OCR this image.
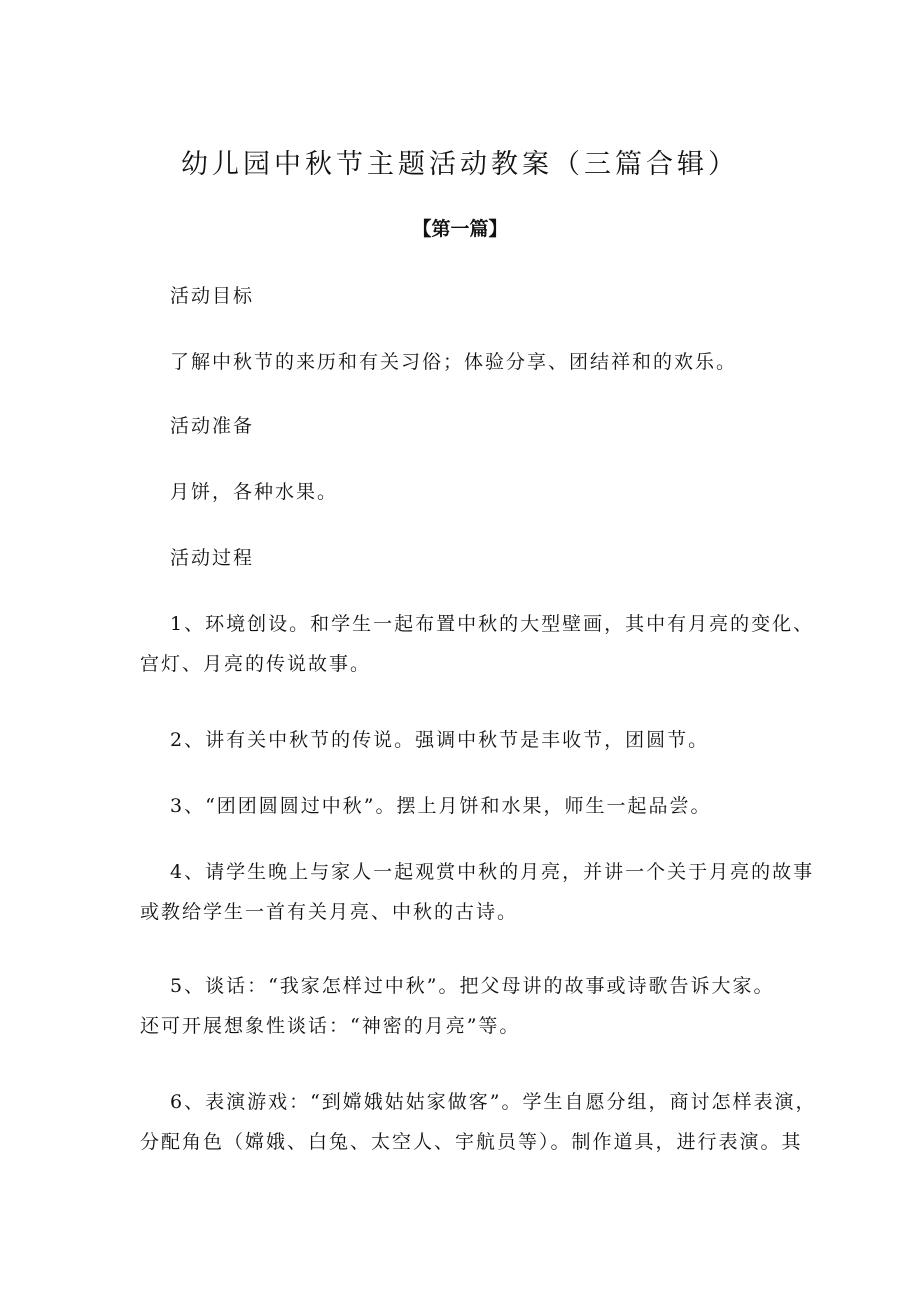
幼儿园中秋节主题活动教案（三篇合辑）
【第一篇】

活动目标

了解中秋节的来历和有关习俗；体验分享、团结祥和的欢乐。

活动准备

月饼，各种水果。

活动过程

1、环境创设。和学生一起布置中秋的大型壁画，其中有月亮的变化、
宫灯、月亮的传说故事。
2、讲有关中秋节的传说。强调中秋节是丰收节，团圆节。
3、“团团圆圆过中秋”。摆上月饼和水果，师生一起品尝。
4、请学生晚上与家人一起观赏中秋的月亮，并讲一个关于月亮的故事
或教给学生一首有关月亮、中秋的古诗。
5、谈话：“我家怎样过中秋”。把父母讲的故事或诗歌告诉大家。
还可开展想象性谈话：“神密的月亮”等。
6、表演游戏：“到嫦娥姑姑家做客”。学生自愿分组，商讨怎样表演，
分配角色（嫦娥、白兔、太空人、宇航员等）。制作道具，进行表演。其
